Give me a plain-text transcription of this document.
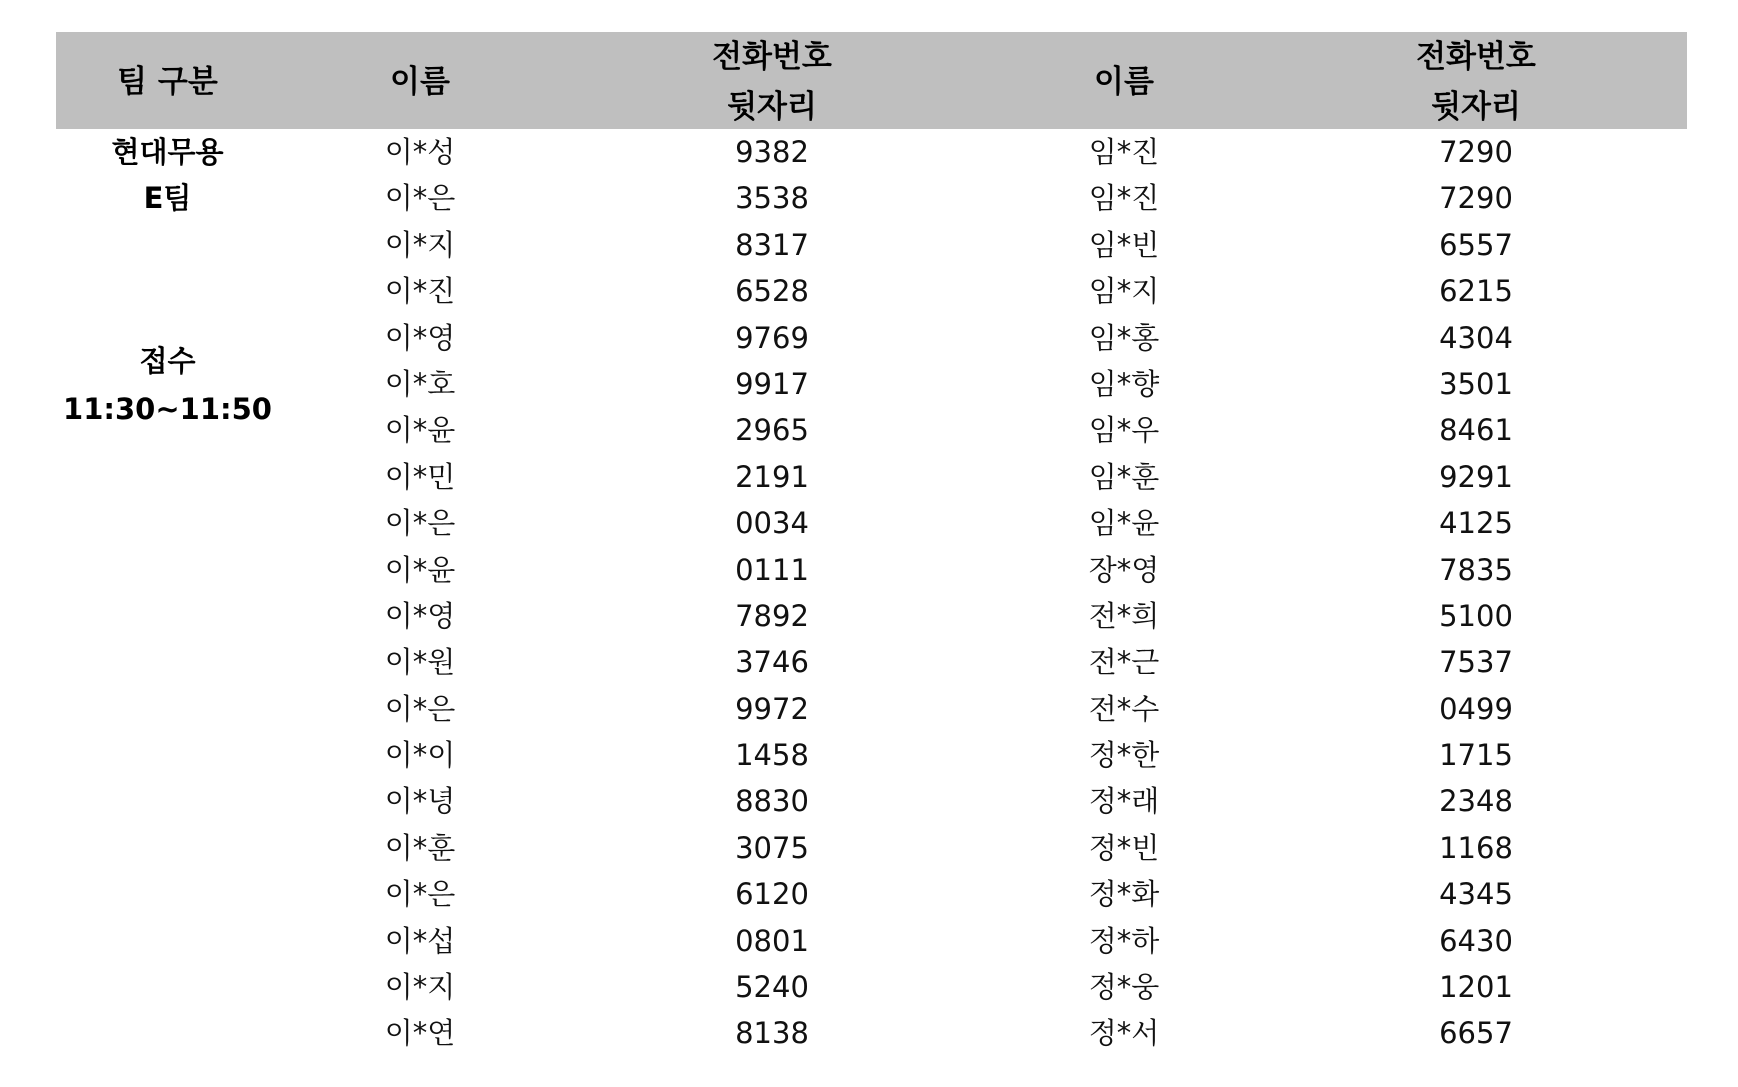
팀 구분	이름
전화번호
뒷자리
이름
전화번호
뒷자리
현대무용
E팀
접수
11:30~11:50
이*성
이*은
이*지
이*진
이*영
이*호
이*윤
이*민
이*은
이*윤
이*영
이*원
이*은
이*이
이*녕
이*훈
이*은
이*섭
이*지
이*연
9382
3538
8317
6528
9769
9917
2965
2191
0034
0111
7892
3746
9972
1458
8830
3075
6120
0801
5240
8138
임*진
임*진
임*빈
임*지
임*홍
임*향
임*우
임*훈
임*윤
장*영
전*희
전*근
전*수
정*한
정*래
정*빈
정*화
정*하
정*웅
정*서
7290
7290
6557
6215
4304
3501
8461
9291
4125
7835
5100
7537
0499
1715
2348
1168
4345
6430
1201
6657
